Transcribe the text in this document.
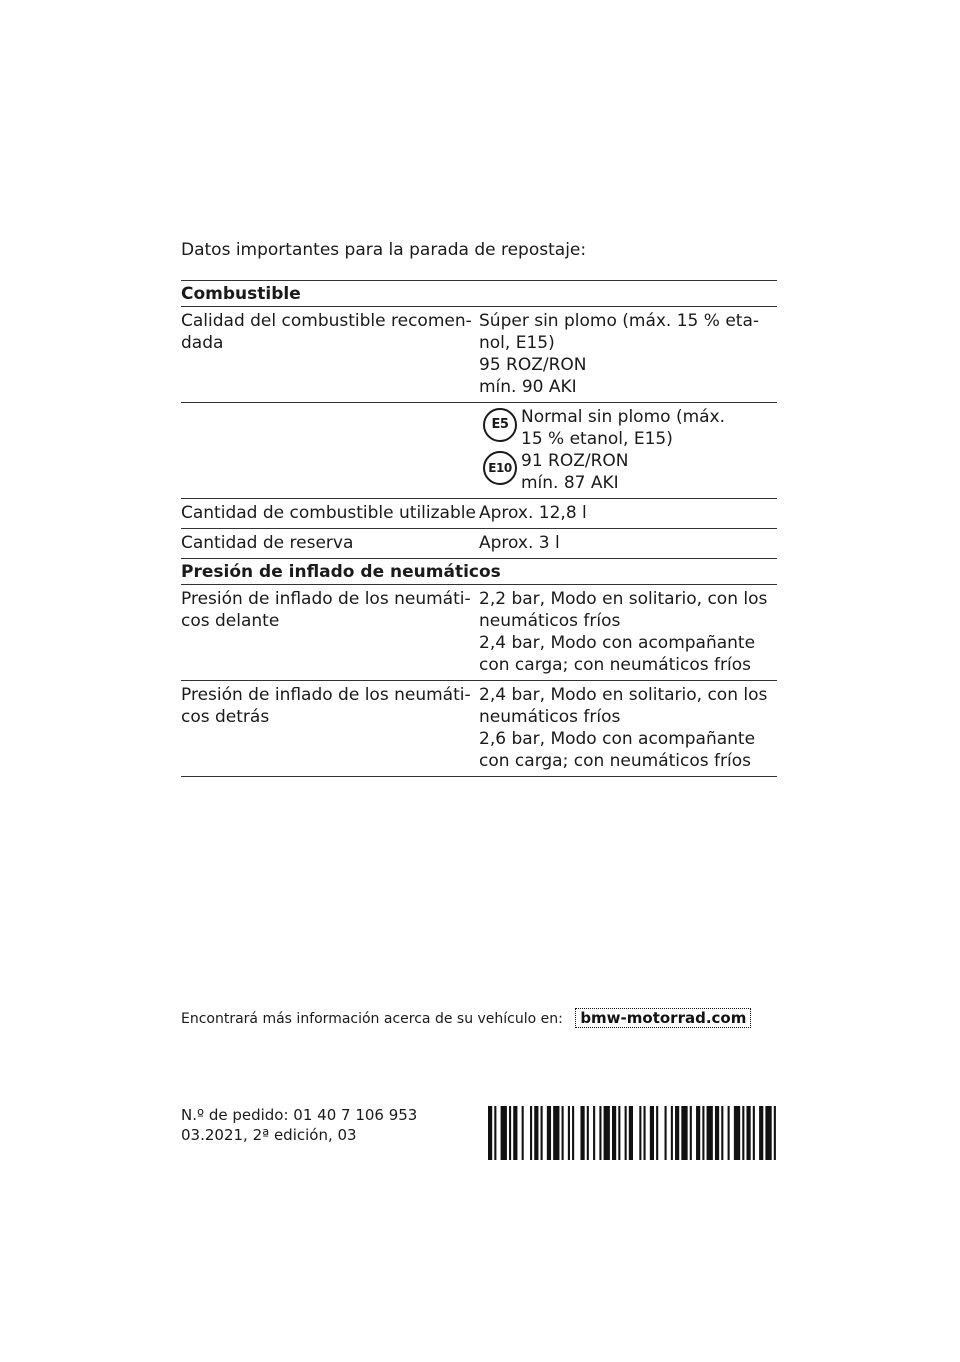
Datos importantes para la parada de repostaje:
Combustible
Calidad del combustible recomen-
dada
Súper sin plomo (máx. 15 % eta-
nol, E15)
95 ROZ/RON
mín. 90 AKI
E5
E10
Normal sin plomo (máx.
15 % etanol, E15)
91 ROZ/RON
mín. 87 AKI
Cantidad de combustible utilizable Aprox. 12,8 l
Cantidad de reserva	Aprox. 3 l
Presión de inflado de neumáticos
Presión de inflado de los neumáti-
cos delante
2,2 bar, Modo en solitario, con los
neumáticos fríos
2,4 bar, Modo con acompañante
con carga; con neumáticos fríos
Presión de inflado de los neumáti-
cos detrás
2,4 bar, Modo en solitario, con los
neumáticos fríos
2,6 bar, Modo con acompañante
con carga; con neumáticos fríos
Encontrará más información acerca de su vehículo en: bmw-motorrad.com
N.º de pedido: 01 40 7 106 953
03.2021, 2ª edición, 03
